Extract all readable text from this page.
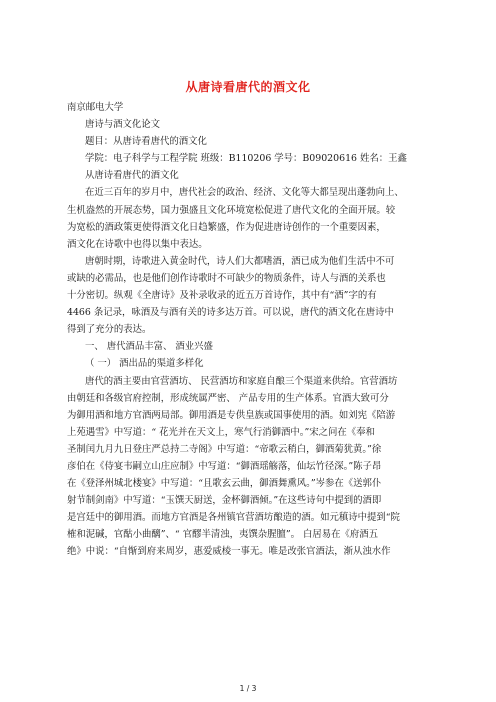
从唐诗看唐代的酒文化

南京邮电大学

唐诗与酒文化论文

题目：从唐诗看唐代的酒文化

学院：电子科学与工程学院 班级：B110206 学号：B09020616 姓名：王鑫

从唐诗看唐代的酒文化

在近三百年的岁月中，唐代社会的政治、经济、文化等大都呈现出蓬勃向上、

生机盎然的开展态势，国力强盛且文化环境宽松促进了唐代文化的全面开展。较

为宽松的酒政策更使得酒文化日趋繁盛，作为促进唐诗创作的一个重要因素，

酒文化在诗歌中也得以集中表达。

唐朝时期，诗歌进入黄金时代，诗人们大都嗜酒，酒已成为他们生活中不可

或缺的必需品，也是他们创作诗歌时不可缺少的物质条件，诗人与酒的关系也

十分密切。纵观《全唐诗》及补录收录的近五万首诗作，其中有“酒”字的有

4466 条记录，咏酒及与酒有关的诗多达万首。可以说，唐代的酒文化在唐诗中

得到了充分的表达。

一、 唐代酒品丰富、 酒业兴盛

（ 一） 酒出品的渠道多样化

唐代的酒主要由官营酒坊、 民营酒坊和家庭自酿三个渠道来供给。官营酒坊

由朝廷和各级官府控制，形成统属严密、 产品专用的生产体系。官酒大致可分

为御用酒和地方官酒两局部。御用酒是专供皇族或国事使用的酒。如刘宪《陪游

上苑遇雪》中写道：“ 花光并在天文上，寒气行消御酒中。”宋之问在《奉和

圣制闰九月九日登庄严总持二寺阁》中写道：“帝歌云稍白，御酒菊犹黄。”徐

彦伯在《侍宴韦嗣立山庄应制》中写道：“御酒瑶觞落，仙坛竹径深。”陈子昂

在《登泽州城北楼宴》中写道：“且歌玄云曲，御酒舞熏风。”岑参在《送郭仆

射节制剑南》中写道：“玉馔天厨送，金杯御酒倾。”在这些诗句中提到的酒即

是宫廷中的御用酒。而地方官酒是各州镇官营酒坊酿造的酒。如元稹诗中提到“院

榷和泥碱，官酤小曲醨”、“ 官醪半清浊，夷馔杂腥膻”。 白居易在《府酒五

绝》中说：“自惭到府来周岁，惠爱威棱一事无。唯是改张官酒法，渐从浊水作

1 / 3
